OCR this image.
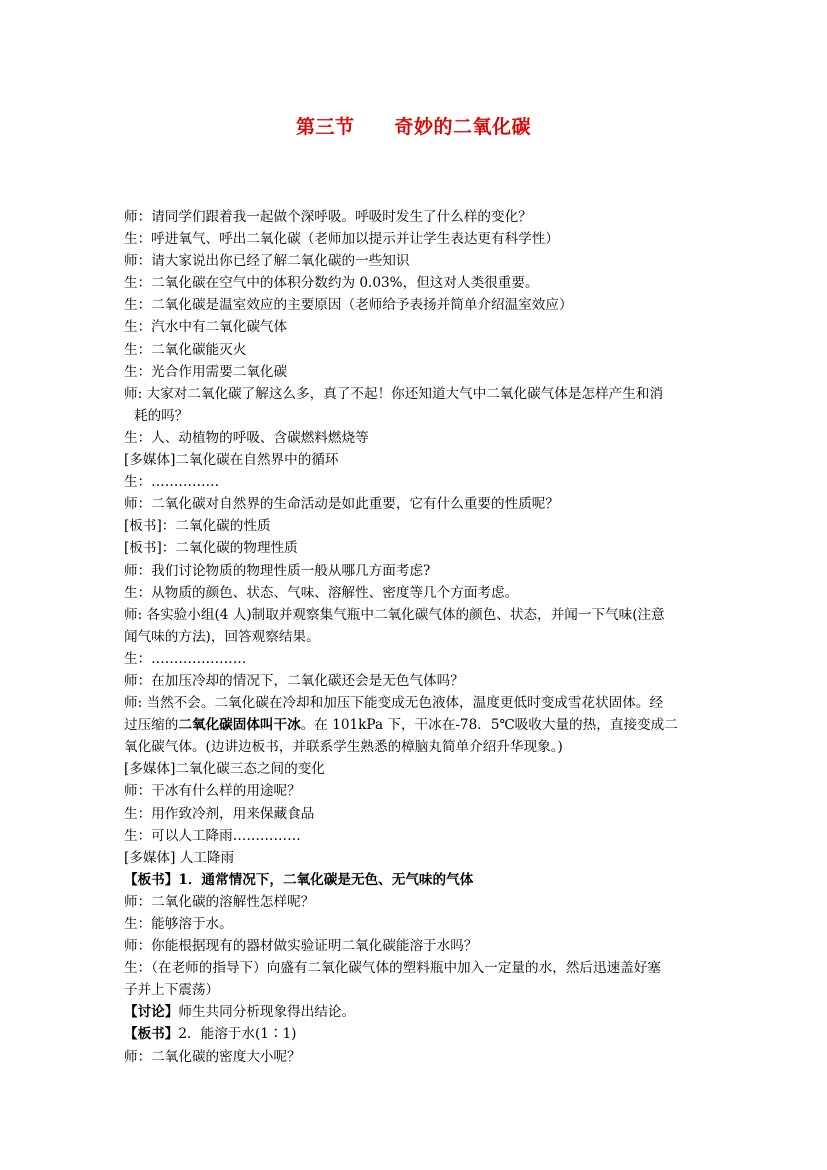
第三节 奇妙的二氧化碳
师：请同学们跟着我一起做个深呼吸。呼吸时发生了什么样的变化？
生：呼进氧气、呼出二氧化碳（老师加以提示并让学生表达更有科学性）
师：请大家说出你已经了解二氧化碳的一些知识
生：二氧化碳在空气中的体积分数约为 0.03%，但这对人类很重要。
生：二氧化碳是温室效应的主要原因（老师给予表扬并简单介绍温室效应）
生：汽水中有二氧化碳气体
生：二氧化碳能灭火
生：光合作用需要二氧化碳
师: 大家对二氧化碳了解这么多，真了不起！你还知道大气中二氧化碳气体是怎样产生和消
耗的吗？
生：人、动植物的呼吸、含碳燃料燃烧等
[多媒体]二氧化碳在自然界中的循环
生：……………
师：二氧化碳对自然界的生命活动是如此重要，它有什么重要的性质呢？
[板书]：二氧化碳的性质
[板书]：二氧化碳的物理性质
师：我们讨论物质的物理性质一般从哪几方面考虑?
生：从物质的颜色、状态、气味、溶解性、密度等几个方面考虑。
师: 各实验小组(4 人)制取并观察集气瓶中二氧化碳气体的颜色、状态，并闻一下气味(注意
闻气味的方法)，回答观察结果。
生：…………………
师：在加压冷却的情况下，二氧化碳还会是无色气体吗？
师: 当然不会。二氧化碳在冷却和加压下能变成无色液体，温度更低时变成雪花状固体。经
过压缩的二氧化碳固体叫干冰。在 101kPa 下，干冰在-78．5℃吸收大量的热，直接变成二
氧化碳气体。(边讲边板书，并联系学生熟悉的樟脑丸简单介绍升华现象。)
[多媒体]二氧化碳三态之间的变化
师：干冰有什么样的用途呢？
生：用作致冷剂，用来保藏食品
生：可以人工降雨……………
[多媒体] 人工降雨
【板书】1．通常情况下，二氧化碳是无色、无气味的气体
师：二氧化碳的溶解性怎样呢？
生：能够溶于水。
师：你能根据现有的器材做实验证明二氧化碳能溶于水吗？
生：（在老师的指导下）向盛有二氧化碳气体的塑料瓶中加入一定量的水，然后迅速盖好塞
子并上下震荡）
【讨论】师生共同分析现象得出结论。
【板书】2．能溶于水(1∶1)
师：二氧化碳的密度大小呢？
